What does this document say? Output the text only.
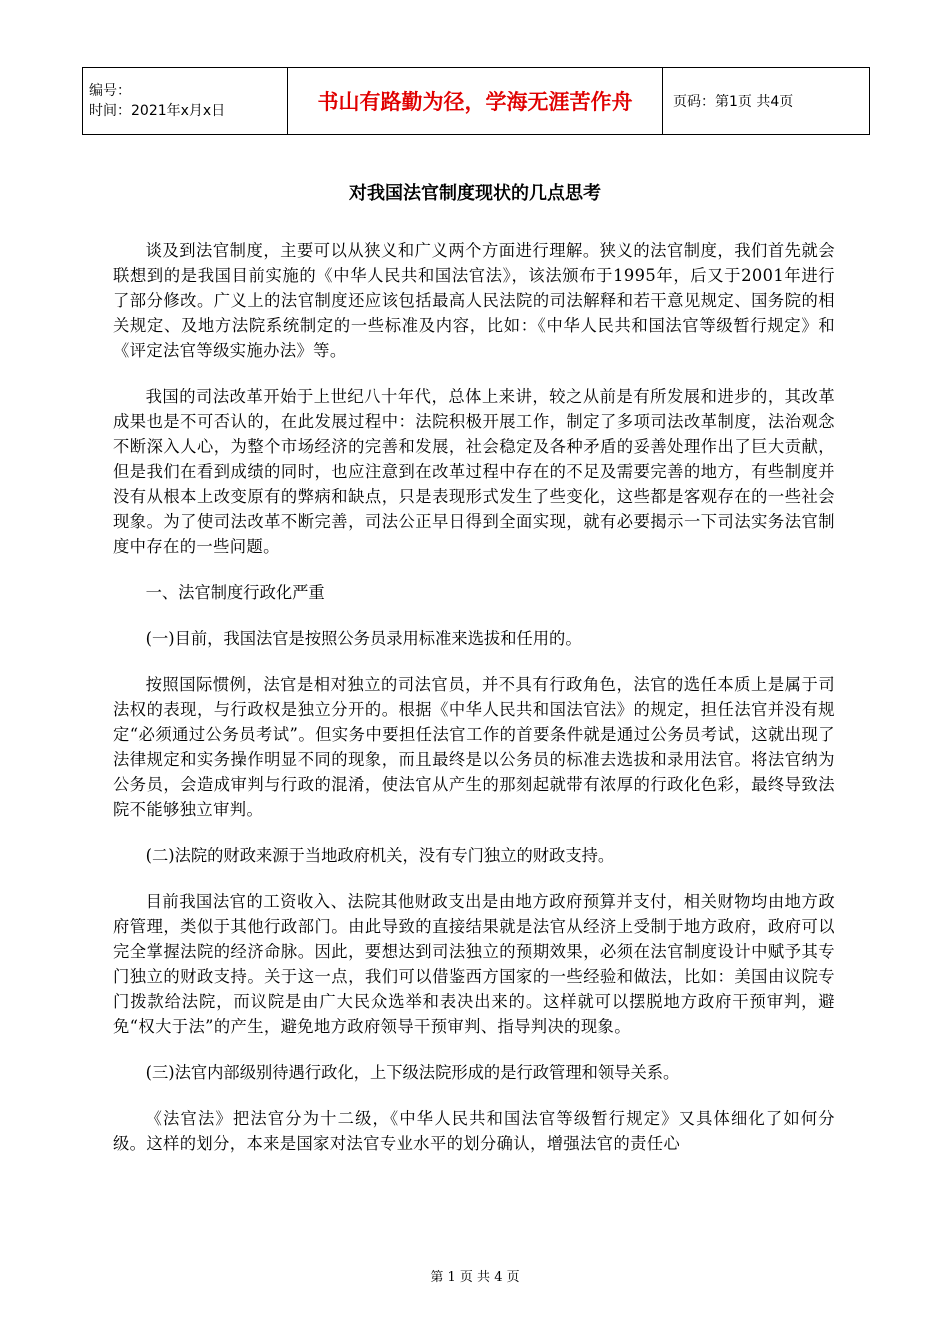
编号：
时间：2021年x月x日	书山有路勤为径，学海无涯苦作舟	页码：第1页 共4页
对我国法官制度现状的几点思考

谈及到法官制度，主要可以从狭义和广义两个方面进行理解。狭义的法官制度，我们首先就会联想到的是我国目前实施的《中华人民共和国法官法》，该法颁布于1995年，后又于2001年进行了部分修改。广义上的法官制度还应该包括最高人民法院的司法解释和若干意见规定、国务院的相关规定、及地方法院系统制定的一些标准及内容，比如：《中华人民共和国法官等级暂行规定》和《评定法官等级实施办法》等。

我国的司法改革开始于上世纪八十年代，总体上来讲，较之从前是有所发展和进步的，其改革成果也是不可否认的，在此发展过程中：法院积极开展工作，制定了多项司法改革制度，法治观念不断深入人心，为整个市场经济的完善和发展，社会稳定及各种矛盾的妥善处理作出了巨大贡献，但是我们在看到成绩的同时，也应注意到在改革过程中存在的不足及需要完善的地方，有些制度并没有从根本上改变原有的弊病和缺点，只是表现形式发生了些变化，这些都是客观存在的一些社会现象。为了使司法改革不断完善，司法公正早日得到全面实现，就有必要揭示一下司法实务法官制度中存在的一些问题。

一、法官制度行政化严重

(一)目前，我国法官是按照公务员录用标准来选拔和任用的。

按照国际惯例，法官是相对独立的司法官员，并不具有行政角色，法官的选任本质上是属于司法权的表现，与行政权是独立分开的。根据《中华人民共和国法官法》的规定，担任法官并没有规定“必须通过公务员考试”。但实务中要担任法官工作的首要条件就是通过公务员考试，这就出现了法律规定和实务操作明显不同的现象，而且最终是以公务员的标准去选拔和录用法官。将法官纳为公务员，会造成审判与行政的混淆，使法官从产生的那刻起就带有浓厚的行政化色彩，最终导致法院不能够独立审判。

(二)法院的财政来源于当地政府机关，没有专门独立的财政支持。

目前我国法官的工资收入、法院其他财政支出是由地方政府预算并支付，相关财物均由地方政府管理，类似于其他行政部门。由此导致的直接结果就是法官从经济上受制于地方政府，政府可以完全掌握法院的经济命脉。因此，要想达到司法独立的预期效果，必须在法官制度设计中赋予其专门独立的财政支持。关于这一点，我们可以借鉴西方国家的一些经验和做法，比如：美国由议院专门拨款给法院，而议院是由广大民众选举和表决出来的。这样就可以摆脱地方政府干预审判，避免“权大于法”的产生，避免地方政府领导干预审判、指导判决的现象。

(三)法官内部级别待遇行政化，上下级法院形成的是行政管理和领导关系。

《法官法》把法官分为十二级，《中华人民共和国法官等级暂行规定》又具体细化了如何分级。这样的划分，本来是国家对法官专业水平的划分确认，增强法官的责任心

第 1 页 共 4 页
